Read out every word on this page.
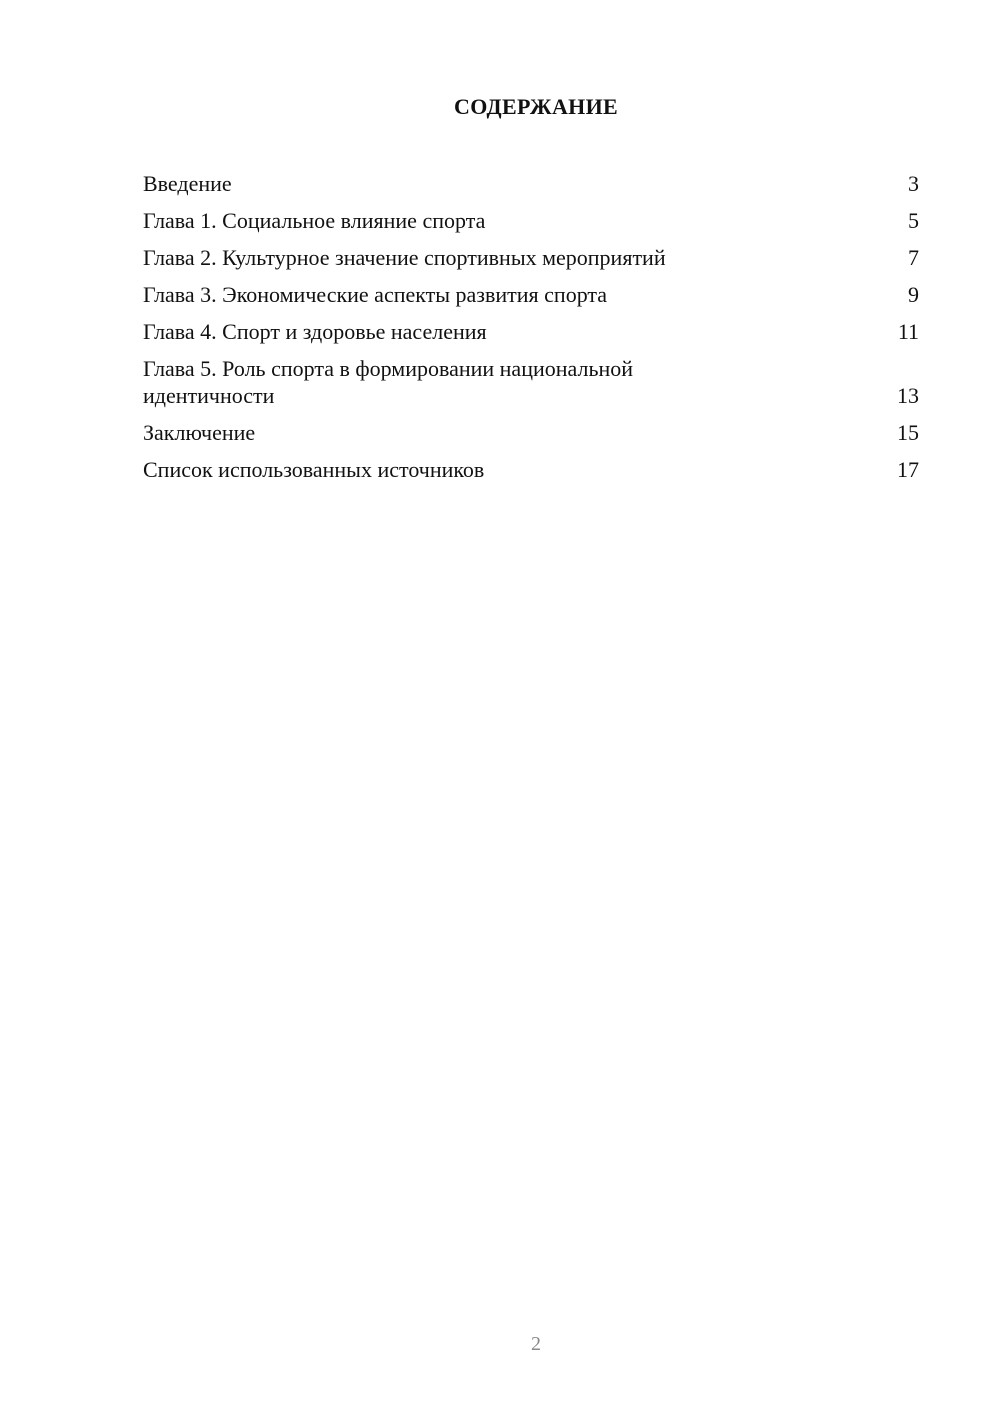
СОДЕРЖАНИЕ
Введение	3
Глава 1. Социальное влияние спорта	5
Глава 2. Культурное значение спортивных мероприятий	7
Глава 3. Экономические аспекты развития спорта	9
Глава 4. Спорт и здоровье населения	11
Глава 5. Роль спорта в формировании национальной идентичности	13
Заключение	15
Список использованных источников	17
2
